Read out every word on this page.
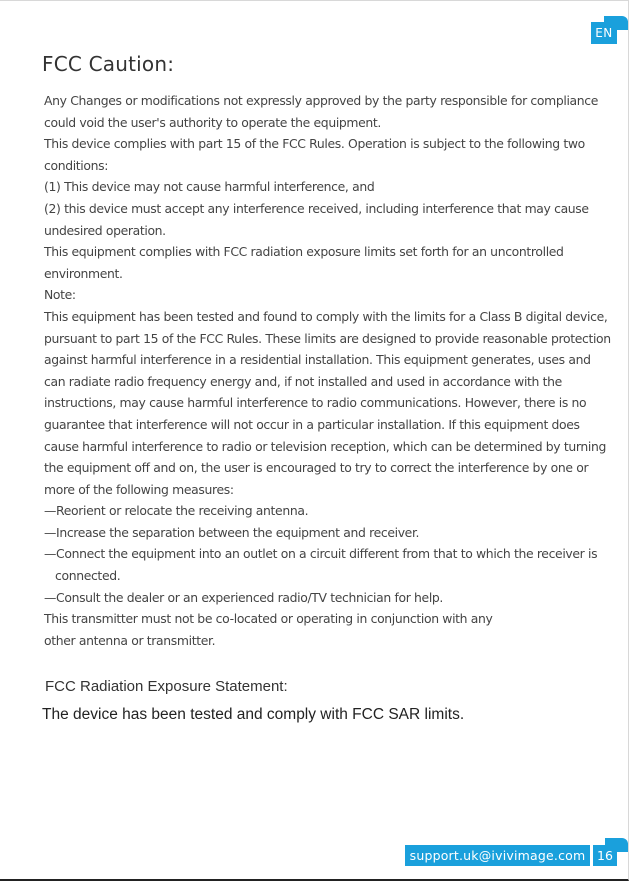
EN
FCC Caution:

Any Changes or modifications not expressly approved by the party responsible for compliance

could void the user's authority to operate the equipment.

This device complies with part 15 of the FCC Rules. Operation is subject to the following two

conditions:

(1) This device may not cause harmful interference, and

(2) this device must accept any interference received, including interference that may cause

undesired operation.

This equipment complies with FCC radiation exposure limits set forth for an uncontrolled

environment.

Note:

This equipment has been tested and found to comply with the limits for a Class B digital device,

pursuant to part 15 of the FCC Rules. These limits are designed to provide reasonable protection

against harmful interference in a residential installation. This equipment generates, uses and

can radiate radio frequency energy and, if not installed and used in accordance with the

instructions, may cause harmful interference to radio communications. However, there is no

guarantee that interference will not occur in a particular installation. If this equipment does

cause harmful interference to radio or television reception, which can be determined by turning

the equipment off and on, the user is encouraged to try to correct the interference by one or

more of the following measures:

—Reorient or relocate the receiving antenna.

—Increase the separation between the equipment and receiver.

—Connect the equipment into an outlet on a circuit different from that to which the receiver is

connected.

—Consult the dealer or an experienced radio/TV technician for help.

This transmitter must not be co-located or operating in conjunction with any

other antenna or transmitter.

FCC Radiation Exposure Statement:

The device has been tested and comply with FCC SAR limits.

support.uk@ivivimage.com 16
